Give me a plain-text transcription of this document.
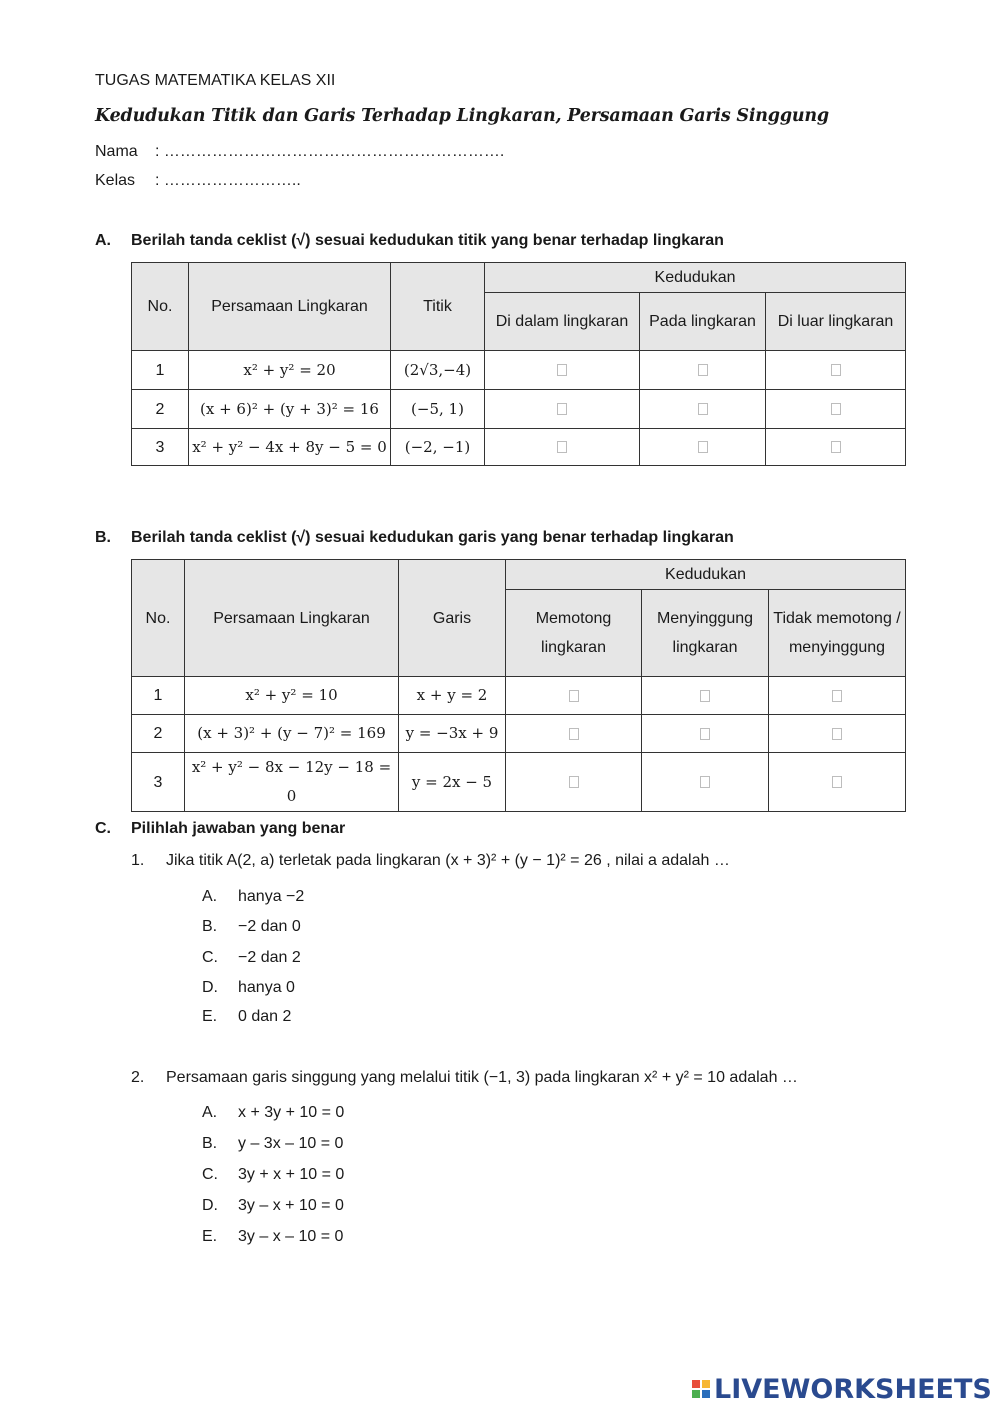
TUGAS MATEMATIKA KELAS XII
Kedudukan Titik dan Garis Terhadap Lingkaran, Persamaan Garis Singgung
Nama : ……………………………………………………….
Kelas : ……………………..
A. Berilah tanda ceklist (√) sesuai kedudukan titik yang benar terhadap lingkaran
No.	Persamaan Lingkaran	Titik	Kedudukan		
			Di dalam lingkaran	Pada lingkaran	Di luar lingkaran
1	x² + y² = 20	(2√3,−4)			
2	(x + 6)² + (y + 3)² = 16	(−5, 1)			
3	x² + y² − 4x + 8y − 5 = 0	(−2, −1)			
B. Berilah tanda ceklist (√) sesuai kedudukan garis yang benar terhadap lingkaran
No.	Persamaan Lingkaran	Garis	Kedudukan		
			Memotong lingkaran	Menyinggung lingkaran	Tidak memotong / menyinggung
1	x² + y² = 10	x + y = 2			
2	(x + 3)² + (y − 7)² = 169	y = −3x + 9			
3	x² + y² − 8x − 12y − 18 = 0	y = 2x − 5			
C. Pilihlah jawaban yang benar
1. Jika titik A(2, a) terletak pada lingkaran (x + 3)² + (y − 1)² = 26 , nilai a adalah …
A. hanya −2
B. −2 dan 0
C. −2 dan 2
D. hanya 0
E. 0 dan 2
2. Persamaan garis singgung yang melalui titik (−1, 3) pada lingkaran x² + y² = 10 adalah …
A. x + 3y + 10 = 0
B. y – 3x – 10 = 0
C. 3y + x + 10 = 0
D. 3y – x + 10 = 0
E. 3y – x – 10 = 0
LIVEWORKSHEETS
